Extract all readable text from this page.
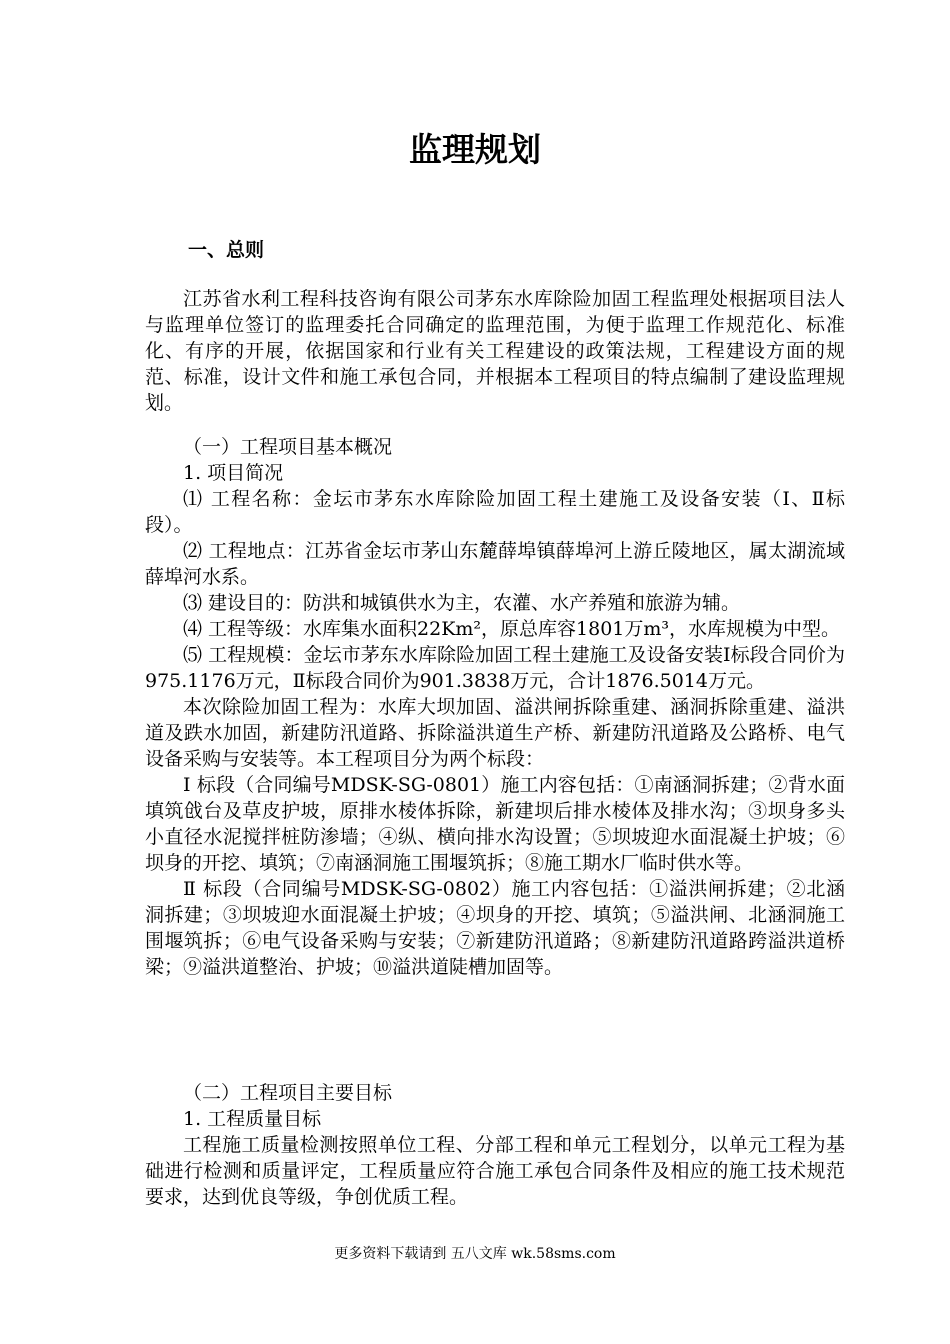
监理规划
一、总则

江苏省水利工程科技咨询有限公司茅东水库除险加固工程监理处根据项目法人与监理单位签订的监理委托合同确定的监理范围，为便于监理工作规范化、标准化、有序的开展，依据国家和行业有关工程建设的政策法规，工程建设方面的规范、标准，设计文件和施工承包合同，并根据本工程项目的特点编制了建设监理规划。

（一）工程项目基本概况

1. 项目简况

⑴ 工程名称：金坛市茅东水库除险加固工程土建施工及设备安装（Ⅰ、Ⅱ标段）。

⑵ 工程地点：江苏省金坛市茅山东麓薛埠镇薛埠河上游丘陵地区，属太湖流域薛埠河水系。

⑶ 建设目的：防洪和城镇供水为主，农灌、水产养殖和旅游为辅。

⑷ 工程等级：水库集水面积22Km²，原总库容1801万m³，水库规模为中型。

⑸ 工程规模：金坛市茅东水库除险加固工程土建施工及设备安装Ⅰ标段合同价为975.1176万元，Ⅱ标段合同价为901.3838万元，合计1876.5014万元。

本次除险加固工程为：水库大坝加固、溢洪闸拆除重建、涵洞拆除重建、溢洪道及跌水加固，新建防汛道路、拆除溢洪道生产桥、新建防汛道路及公路桥、电气设备采购与安装等。本工程项目分为两个标段：

Ⅰ 标段（合同编号MDSK-SG-0801）施工内容包括：①南涵洞拆建；②背水面填筑戗台及草皮护坡，原排水棱体拆除，新建坝后排水棱体及排水沟；③坝身多头小直径水泥搅拌桩防渗墙；④纵、横向排水沟设置；⑤坝坡迎水面混凝土护坡；⑥坝身的开挖、填筑；⑦南涵洞施工围堰筑拆；⑧施工期水厂临时供水等。

Ⅱ 标段（合同编号MDSK-SG-0802）施工内容包括：①溢洪闸拆建；②北涵洞拆建；③坝坡迎水面混凝土护坡；④坝身的开挖、填筑；⑤溢洪闸、北涵洞施工围堰筑拆；⑥电气设备采购与安装；⑦新建防汛道路；⑧新建防汛道路跨溢洪道桥梁；⑨溢洪道整治、护坡；⑩溢洪道陡槽加固等。

（二）工程项目主要目标

1. 工程质量目标

工程施工质量检测按照单位工程、分部工程和单元工程划分，以单元工程为基础进行检测和质量评定，工程质量应符合施工承包合同条件及相应的施工技术规范要求，达到优良等级，争创优质工程。

更多资料下载请到 五八文库 wk.58sms.com
